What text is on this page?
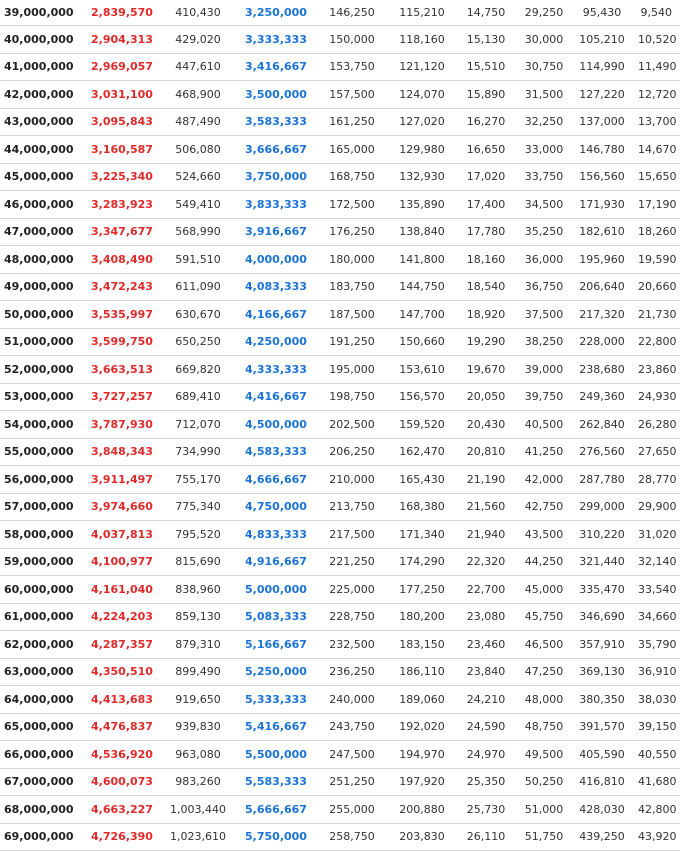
39,000,000	2,839,570	410,430	3,250,000	146,250	115,210	14,750	29,250	95,430	9,540
40,000,000	2,904,313	429,020	3,333,333	150,000	118,160	15,130	30,000	105,210	10,520
41,000,000	2,969,057	447,610	3,416,667	153,750	121,120	15,510	30,750	114,990	11,490
42,000,000	3,031,100	468,900	3,500,000	157,500	124,070	15,890	31,500	127,220	12,720
43,000,000	3,095,843	487,490	3,583,333	161,250	127,020	16,270	32,250	137,000	13,700
44,000,000	3,160,587	506,080	3,666,667	165,000	129,980	16,650	33,000	146,780	14,670
45,000,000	3,225,340	524,660	3,750,000	168,750	132,930	17,020	33,750	156,560	15,650
46,000,000	3,283,923	549,410	3,833,333	172,500	135,890	17,400	34,500	171,930	17,190
47,000,000	3,347,677	568,990	3,916,667	176,250	138,840	17,780	35,250	182,610	18,260
48,000,000	3,408,490	591,510	4,000,000	180,000	141,800	18,160	36,000	195,960	19,590
49,000,000	3,472,243	611,090	4,083,333	183,750	144,750	18,540	36,750	206,640	20,660
50,000,000	3,535,997	630,670	4,166,667	187,500	147,700	18,920	37,500	217,320	21,730
51,000,000	3,599,750	650,250	4,250,000	191,250	150,660	19,290	38,250	228,000	22,800
52,000,000	3,663,513	669,820	4,333,333	195,000	153,610	19,670	39,000	238,680	23,860
53,000,000	3,727,257	689,410	4,416,667	198,750	156,570	20,050	39,750	249,360	24,930
54,000,000	3,787,930	712,070	4,500,000	202,500	159,520	20,430	40,500	262,840	26,280
55,000,000	3,848,343	734,990	4,583,333	206,250	162,470	20,810	41,250	276,560	27,650
56,000,000	3,911,497	755,170	4,666,667	210,000	165,430	21,190	42,000	287,780	28,770
57,000,000	3,974,660	775,340	4,750,000	213,750	168,380	21,560	42,750	299,000	29,900
58,000,000	4,037,813	795,520	4,833,333	217,500	171,340	21,940	43,500	310,220	31,020
59,000,000	4,100,977	815,690	4,916,667	221,250	174,290	22,320	44,250	321,440	32,140
60,000,000	4,161,040	838,960	5,000,000	225,000	177,250	22,700	45,000	335,470	33,540
61,000,000	4,224,203	859,130	5,083,333	228,750	180,200	23,080	45,750	346,690	34,660
62,000,000	4,287,357	879,310	5,166,667	232,500	183,150	23,460	46,500	357,910	35,790
63,000,000	4,350,510	899,490	5,250,000	236,250	186,110	23,840	47,250	369,130	36,910
64,000,000	4,413,683	919,650	5,333,333	240,000	189,060	24,210	48,000	380,350	38,030
65,000,000	4,476,837	939,830	5,416,667	243,750	192,020	24,590	48,750	391,570	39,150
66,000,000	4,536,920	963,080	5,500,000	247,500	194,970	24,970	49,500	405,590	40,550
67,000,000	4,600,073	983,260	5,583,333	251,250	197,920	25,350	50,250	416,810	41,680
68,000,000	4,663,227	1,003,440	5,666,667	255,000	200,880	25,730	51,000	428,030	42,800
69,000,000	4,726,390	1,023,610	5,750,000	258,750	203,830	26,110	51,750	439,250	43,920
